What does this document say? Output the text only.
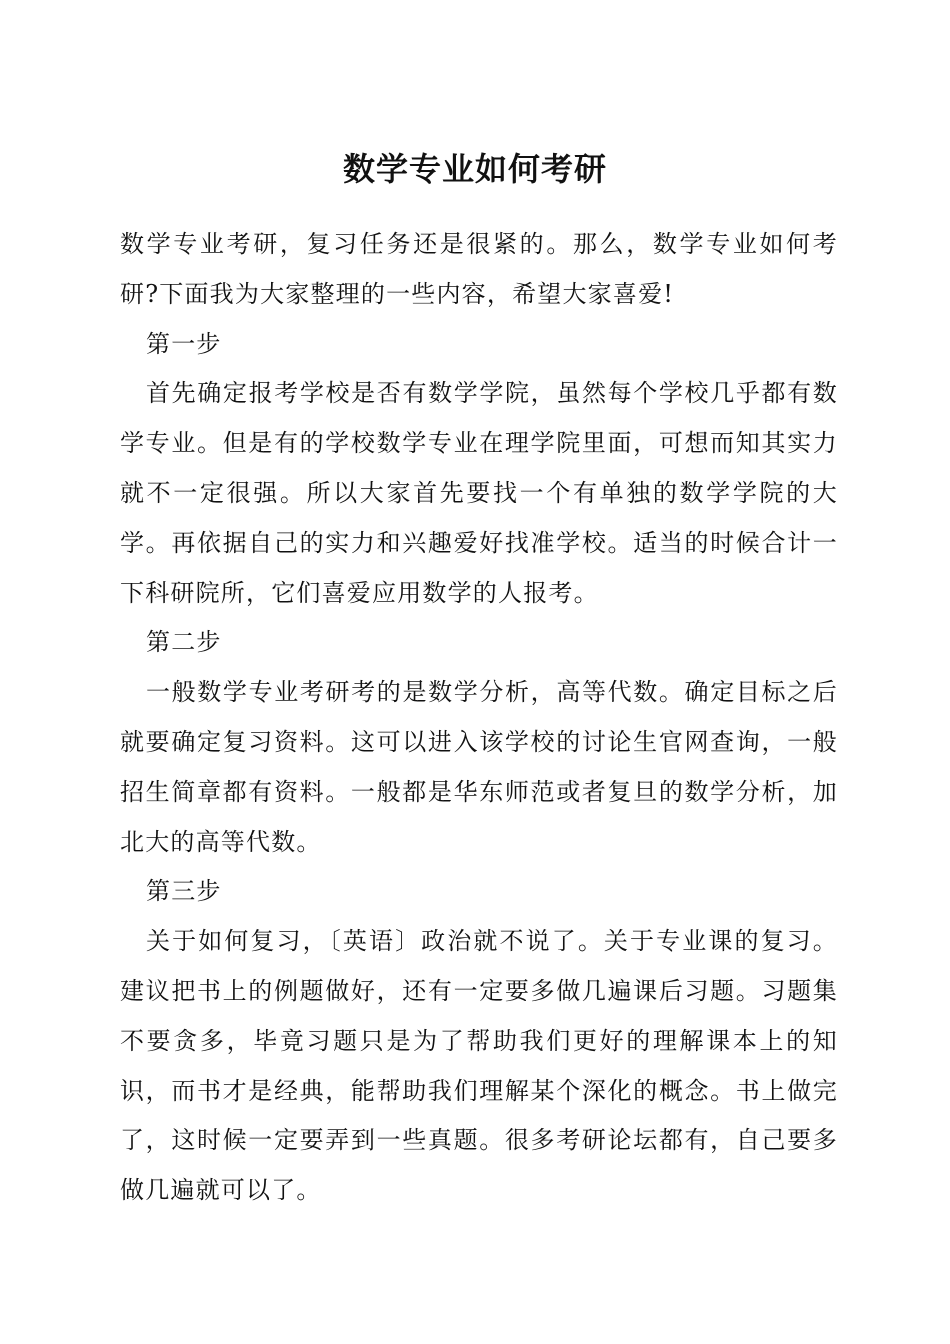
数学专业如何考研

数学专业考研，复习任务还是很紧的。那么，数学专业如何考研?下面我为大家整理的一些内容，希望大家喜爱!

第一步

首先确定报考学校是否有数学学院，虽然每个学校几乎都有数学专业。但是有的学校数学专业在理学院里面，可想而知其实力就不一定很强。所以大家首先要找一个有单独的数学学院的大学。再依据自己的实力和兴趣爱好找准学校。适当的时候合计一下科研院所，它们喜爱应用数学的人报考。

第二步

一般数学专业考研考的是数学分析，高等代数。确定目标之后就要确定复习资料。这可以进入该学校的讨论生官网查询，一般招生简章都有资料。一般都是华东师范或者复旦的数学分析，加北大的高等代数。

第三步

关于如何复习，〔英语〕政治就不说了。关于专业课的复习。建议把书上的例题做好，还有一定要多做几遍课后习题。习题集不要贪多，毕竟习题只是为了帮助我们更好的理解课本上的知识，而书才是经典，能帮助我们理解某个深化的概念。书上做完了，这时候一定要弄到一些真题。很多考研论坛都有，自己要多做几遍就可以了。
